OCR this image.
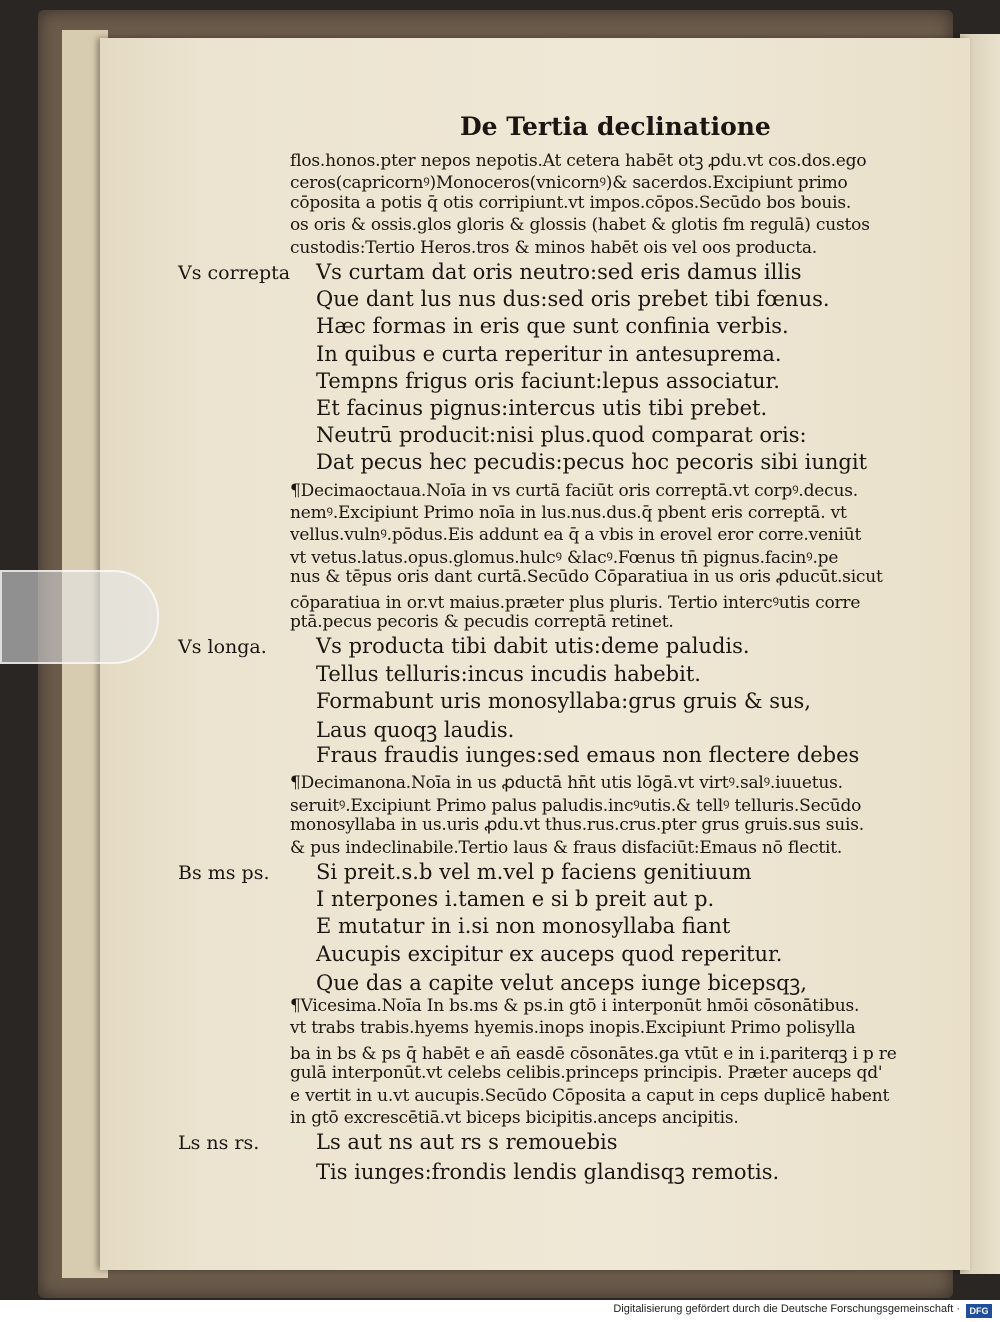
De Tertia declinatione
flos.honos.pter nepos nepotis.At cetera habēt otꝫ ꝓdu.vt cos.dos.ego
ceros(capricornꝰ)Monoceros(vnicornꝰ)& sacerdos.Excipiunt primo
cōposita a potis q̄ otis corripiunt.vt impos.cōpos.Secūdo bos bouis.
os oris & ossis.glos gloris & glossis (habet & glotis fm regulā) custos
custodis:Tertio Heros.tros & minos habēt ois vel oos producta.
Vs correpta Vs curtam dat oris neutro:sed eris damus illis
Que dant lus nus dus:sed oris prebet tibi fœnus.
Hæc formas in eris que sunt confinia verbis.
In quibus e curta reperitur in antesuprema.
Tempns frigus oris faciunt:lepus associatur.
Et facinus pignus:intercus utis tibi prebet.
Neutrū producit:nisi plus.quod comparat oris:
Dat pecus hec pecudis:pecus hoc pecoris sibi iungit
¶Decimaoctaua.Noīa in vs curtā faciūt oris correptā.vt corpꝰ.decus.
nemꝰ.Excipiunt Primo noīa in lus.nus.dus.q̄ pbent eris correptā. vt
vellus.vulnꝰ.pōdus.Eis addunt ea q̄ a vbis in erovel eror corre.veniūt
vt vetus.latus.opus.glomus.hulcꝰ &lacꝰ.Fœnus tn̄ pignus.facinꝰ.pe
nus & tēpus oris dant curtā.Secūdo Cōparatiua in us oris ꝓducūt.sicut
cōparatiua in or.vt maius.præter plus pluris. Tertio intercꝰutis corre
ptā.pecus pecoris & pecudis correptā retinet.
Vs longa. Vs producta tibi dabit utis:deme paludis.
Tellus telluris:incus incudis habebit.
Formabunt uris monosyllaba:grus gruis & sus,
Laus quoqꝫ laudis.
Fraus fraudis iunges:sed emaus non flectere debes
¶Decimanona.Noīa in us ꝓductā hn̄t utis lōgā.vt virtꝰ.salꝰ.iuuetus.
seruitꝰ.Excipiunt Primo palus paludis.incꝰutis.& tellꝰ telluris.Secūdo
monosyllaba in us.uris ꝓdu.vt thus.rus.crus.pter grus gruis.sus suis.
& pus indeclinabile.Tertio laus & fraus disfaciūt:Emaus nō flectit.
Bs ms ps. Si preit.s.b vel m.vel p faciens genitiuum
I nterpones i.tamen e si b preit aut p.
E mutatur in i.si non monosyllaba fiant
Aucupis excipitur ex auceps quod reperitur.
Que das a capite velut anceps iunge bicepsqꝫ,
¶Vicesima.Noīa In bs.ms & ps.in gtō i interponūt hmōi cōsonātibus.
vt trabs trabis.hyems hyemis.inops inopis.Excipiunt Primo polisylla
ba in bs & ps q̄ habēt e an̄ easdē cōsonātes.ga vtūt e in i.pariterqꝫ i p re
gulā interponūt.vt celebs celibis.princeps principis. Præter auceps qd'
e vertit in u.vt aucupis.Secūdo Cōposita a caput in ceps duplicē habent
in gtō excrescētiā.vt biceps bicipitis.anceps ancipitis.
Ls ns rs.	Ls aut ns aut rs s remouebis
Tis iunges:frondis lendis glandisqꝫ remotis.
Digitalisierung gefördert durch die Deutsche Forschungsgemeinschaft ·	DFG
